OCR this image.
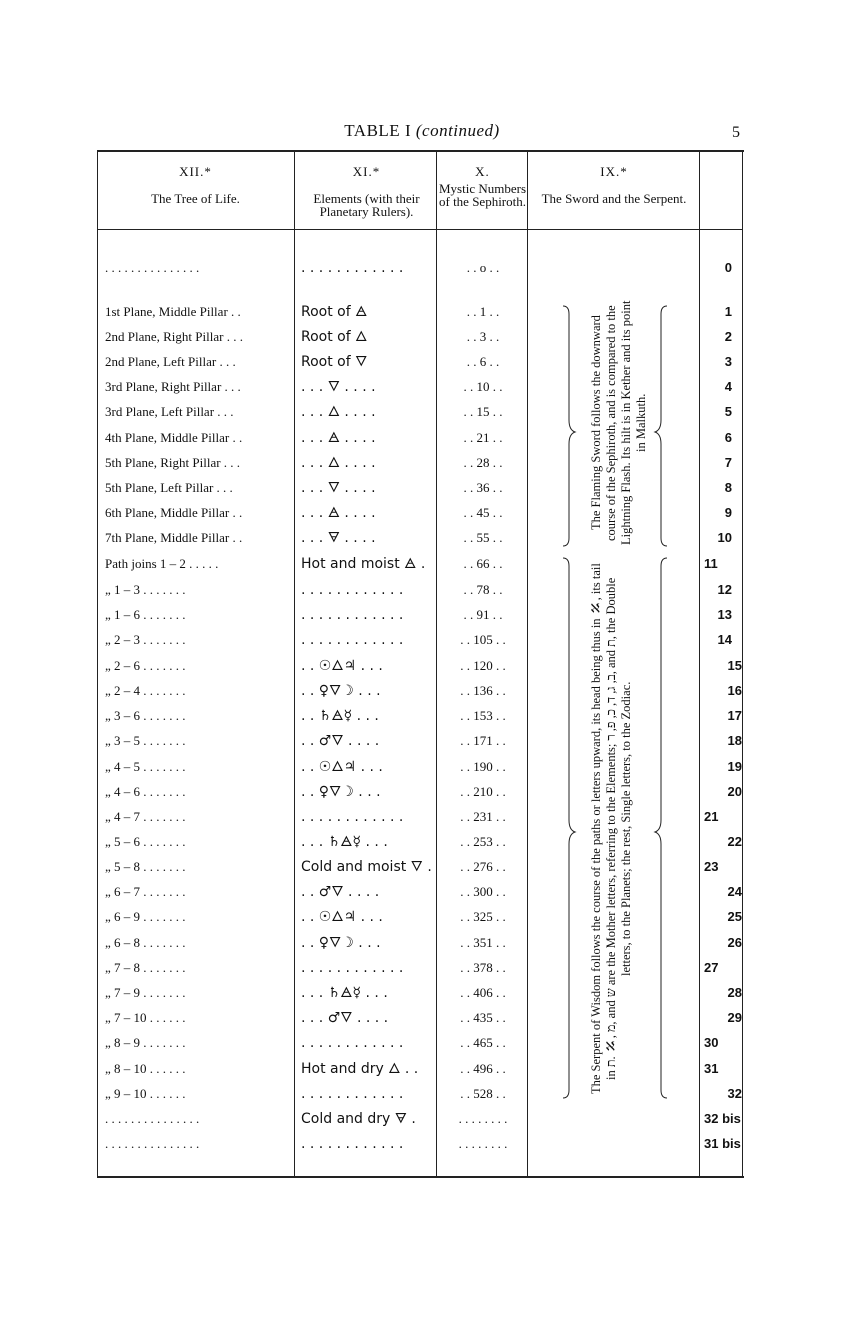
TABLE I (continued)	5
XII.*
The Tree of Life.
XI.*
Elements (with their Planetary Rulers).
X.
Mystic Numbers of the Sephiroth.
IX.*
The Sword and the Serpent.
. . . . . . . . . . . . . . .	. . . . . . . . . . . .	. . o . .	0
1st Plane, Middle Pillar . .	Root of 🜁	. . 1 . .	1
2nd Plane, Right Pillar . . .	Root of 🜂	. . 3 . .	2
2nd Plane, Left Pillar . . .	Root of 🜄	. . 6 . .	3
3rd Plane, Right Pillar . . .	. . . 🜄 . . . .	. . 10 . .	4
3rd Plane, Left Pillar . . .	. . . 🜂 . . . .	. . 15 . .	5
4th Plane, Middle Pillar . .	. . . 🜁 . . . .	. . 21 . .	6
5th Plane, Right Pillar . . .	. . . 🜂 . . . .	. . 28 . .	7
5th Plane, Left Pillar . . .	. . . 🜄 . . . .	. . 36 . .	8
6th Plane, Middle Pillar . .	. . . 🜁 . . . .	. . 45 . .	9
7th Plane, Middle Pillar . .	. . . 🜃 . . . .	. . 55 . .	10
Path joins 1 – 2 . . . . .	Hot and moist 🜁 .	. . 66 . .	11
„ 1 – 3 . . . . . . .	. . . . . . . . . . . .	. . 78 . .	12
„ 1 – 6 . . . . . . .	. . . . . . . . . . . .	. . 91 . .	13
„ 2 – 3 . . . . . . .	. . . . . . . . . . . .	. . 105 . .	14
„ 2 – 6 . . . . . . .	. . ☉🜂♃ . . .	. . 120 . .	15
„ 2 – 4 . . . . . . .	. . ♀🜄☽ . . .	. . 136 . .	16
„ 3 – 6 . . . . . . .	. . ♄🜁☿ . . .	. . 153 . .	17
„ 3 – 5 . . . . . . .	. . ♂🜄 . . . .	. . 171 . .	18
„ 4 – 5 . . . . . . .	. . ☉🜂♃ . . .	. . 190 . .	19
„ 4 – 6 . . . . . . .	. . ♀🜄☽ . . .	. . 210 . .	20
„ 4 – 7 . . . . . . .	. . . . . . . . . . . .	. . 231 . .	21
„ 5 – 6 . . . . . . .	. . . ♄🜁☿ . . .	. . 253 . .	22
„ 5 – 8 . . . . . . .	Cold and moist 🜄 .	. . 276 . .	23
„ 6 – 7 . . . . . . .	. . ♂🜄 . . . .	. . 300 . .	24
„ 6 – 9 . . . . . . .	. . ☉🜂♃ . . .	. . 325 . .	25
„ 6 – 8 . . . . . . .	. . ♀🜄☽ . . .	. . 351 . .	26
„ 7 – 8 . . . . . . .	. . . . . . . . . . . .	. . 378 . .	27
„ 7 – 9 . . . . . . .	. . . ♄🜁☿ . . .	. . 406 . .	28
„ 7 – 10 . . . . . .	. . . ♂🜄 . . . .	. . 435 . .	29
„ 8 – 9 . . . . . . .	. . . . . . . . . . . .	. . 465 . .	30
„ 8 – 10 . . . . . .	Hot and dry 🜂 . .	. . 496 . .	31
„ 9 – 10 . . . . . .	. . . . . . . . . . . .	. . 528 . .	32
. . . . . . . . . . . . . . .	Cold and dry 🜃 .	. . . . . . . .	32 bis
. . . . . . . . . . . . . . .	. . . . . . . . . . . .	. . . . . . . .	31 bis
The Flaming Sword follows the downward course of the Sephiroth, and is compared to the Lightning Flash. Its hilt is in Kether and its point in Malkuth.
The Serpent of Wisdom follows the course of the paths or letters upward, its head being thus in ℵ, its tail in ת. ℵ, מ, and ש are the Mother letters, referring to the Elements; ב, ג, ד, כ, פ, ר, and ת, the Double letters, to the Planets; the rest, Single letters, to the Zodiac.
